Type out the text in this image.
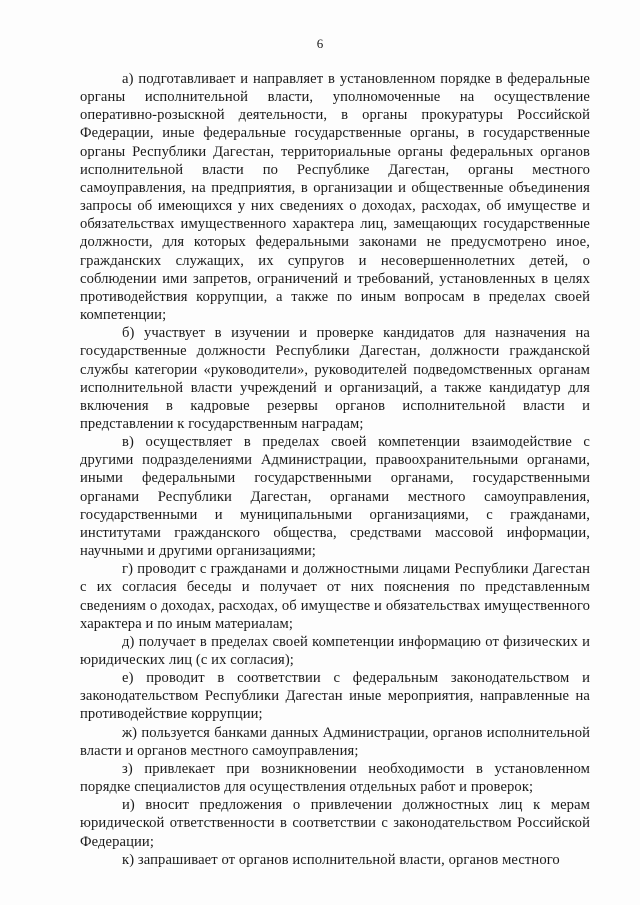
6

а) подготавливает и направляет в установленном порядке в федеральные органы исполнительной власти, уполномоченные на осуществление оперативно-розыскной деятельности, в органы прокуратуры Российской Федерации, иные федеральные государственные органы, в государственные органы Республики Дагестан, территориальные органы федеральных органов исполнительной власти по Республике Дагестан, органы местного самоуправления, на предприятия, в организации и общественные объединения запросы об имеющихся у них сведениях о доходах, расходах, об имуществе и обязательствах имущественного характера лиц, замещающих государственные должности, для которых федеральными законами не предусмотрено иное, гражданских служащих, их супругов и несовершеннолетних детей, о соблюдении ими запретов, ограничений и требований, установленных в целях противодействия коррупции, а также по иным вопросам в пределах своей компетенции;

б) участвует в изучении и проверке кандидатов для назначения на государственные должности Республики Дагестан, должности гражданской службы категории «руководители», руководителей подведомственных органам исполнительной власти учреждений и организаций, а также кандидатур для включения в кадровые резервы органов исполнительной власти и представлении к государственным наградам;

в) осуществляет в пределах своей компетенции взаимодействие с другими подразделениями Администрации, правоохранительными органами, иными федеральными государственными органами, государственными органами Республики Дагестан, органами местного самоуправления, государственными и муниципальными организациями, с гражданами, институтами гражданского общества, средствами массовой информации, научными и другими организациями;

г) проводит с гражданами и должностными лицами Республики Дагестан с их согласия беседы и получает от них пояснения по представленным сведениям о доходах, расходах, об имуществе и обязательствах имущественного характера и по иным материалам;

д) получает в пределах своей компетенции информацию от физических и юридических лиц (с их согласия);

е) проводит в соответствии с федеральным законодательством и законодательством Республики Дагестан иные мероприятия, направленные на противодействие коррупции;

ж) пользуется банками данных Администрации, органов исполнительной власти и органов местного самоуправления;

з) привлекает при возникновении необходимости в установленном порядке специалистов для осуществления отдельных работ и проверок;

и) вносит предложения о привлечении должностных лиц к мерам юридической ответственности в соответствии с законодательством Российской Федерации;

к) запрашивает от органов исполнительной власти, органов местного
